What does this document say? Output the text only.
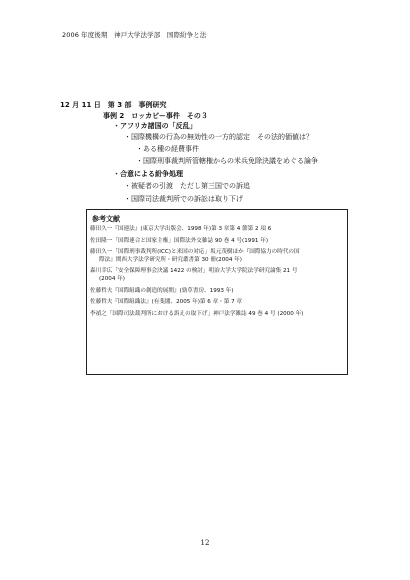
2006 年度後期　神戸大学法学部　国際紛争と法
12 月 11 日　第 3 部　事例研究
事例 2　ロッカビー事件　その３
・アフリカ諸国の「反乱」
・国際機構の行為の無効性の一方的認定　その法的価値は？
・ある種の経費事件
・国際刑事裁判所管轄権からの米兵免除決議をめぐる論争
・合意による紛争処理
・被疑者の引渡　ただし第三国での訴追
・国際司法裁判所での訴訟は取り下げ
参考文献
藤田久一『国連法』(東京大学出版会、1998 年)第 3 章第 4 節第 2 項 6
佐田隆一「国際連合と国家主権」国際法外交雑誌 90 巻 4 号(1991 年)
藤田久一「国際刑事裁判所(ICC)と米国の対応」坂元茂樹ほか『国際協力の時代の国
際法』関西大学法学研究所・研究叢書第 30 冊(2004 年)
森川幸広「安全保障理事会決議 1422 の検討」明治大学大学院法学研究論集 21 号
(2004 年)
佐藤哲夫『国際組織の創造的展開』(勁草書房、1993 年)
佐藤哲夫『国際組織法』(有斐閣、2005 年)第 6 章・第 7 章
李禎之「国際司法裁判所における訴えの取下げ」神戸法学雑誌 49 巻 4 号 (2000 年)
12
